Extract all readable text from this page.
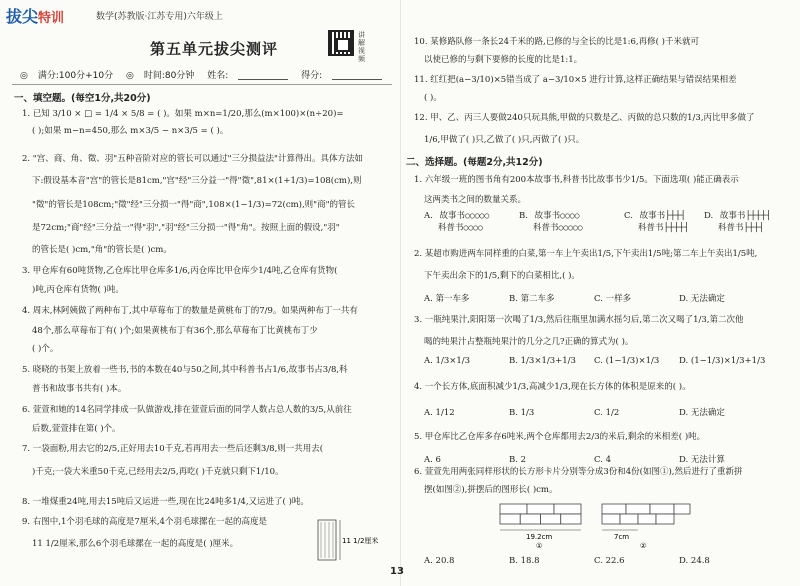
拔尖特训	数学(苏教版·江苏专用)六年级上
第五单元拔尖测评
讲解视频
◎ 满分:100分+10分 ◎ 时间:80分钟 姓名:	得分:
一、填空题。(每空1分,共20分)
1. 已知 3/10 × □ = 1/4 × 5/8 = ( )。如果 m×n=1/20,那么(m×100)×(n÷20)=
( );如果 m−n=450,那么 m×3/5 − n×3/5 = ( )。
2. "宫、商、角、徵、羽"五种音阶对应的管长可以通过"三分损益法"计算得出。具体方法如
下:假设基本音"宫"的管长是81cm,"宫"经"三分益一"得"徵",81×(1+1/3)=108(cm),则
"徵"的管长是108cm;"徵"经"三分损一"得"商",108×(1−1/3)=72(cm),则"商"的管长
是72cm;"商"经"三分益一"得"羽","羽"经"三分损一"得"角"。按照上面的假设,"羽"
的管长是( )cm,"角"的管长是( )cm。
3. 甲仓库有60吨货物,乙仓库比甲仓库多1/6,丙仓库比甲仓库少1/4吨,乙仓库有货物(
)吨,丙仓库有货物( )吨。
4. 周末,林阿姨做了两种布丁,其中草莓布丁的数量是黄桃布丁的7/9。如果两种布丁一共有
48个,那么草莓布丁有( )个;如果黄桃布丁有36个,那么草莓布丁比黄桃布丁少
( )个。
5. 晓晓的书架上放着一些书,书的本数在40与50之间,其中科普书占1/6,故事书占3/8,科
普书和故事书共有( )本。
6. 萱萱和她的14名同学排成一队做游戏,排在萱萱后面的同学人数占总人数的3/5,从前往
后数,萱萱排在第( )个。
7. 一袋面粉,用去它的2/5,正好用去10千克,若再用去一些后还剩3/8,则一共用去(
)千克;一袋大米重50千克,已经用去2/5,再吃( )千克就只剩下1/10。
8. 一堆煤重24吨,用去15吨后又运进一些,现在比24吨多1/4,又运进了( )吨。
9. 右图中,1个羽毛球的高度是7厘米,4个羽毛球摞在一起的高度是
11 1/2厘米,那么6个羽毛球摞在一起的高度是( )厘米。	11 1/2厘米
10. 某修路队修一条长24千米的路,已修的与全长的比是1:6,再修( )千米就可
以使已修的与剩下要修的长度的比是1:1。
11. 红红把(a−3/10)×5错当成了 a−3/10×5 进行计算,这样正确结果与错误结果相差
( )。
12. 甲、乙、丙三人要做240只玩具熊,甲做的只数是乙、丙做的总只数的1/3,丙比甲多做了
1/6,甲做了( )只,乙做了( )只,丙做了( )只。
二、选择题。(每题2分,共12分)
1. 六年级一班的图书角有200本故事书,科普书比故事书少1/5。下面选项( )能正确表示
这两类书之间的数量关系。
A. 故事书○○○○○
科普书○○○○
B. 故事书○○○○
科普书○○○○○
C. 故事书├┼┼┤
科普书├┼┼┼┤
D. 故事书├┼┼┼┤
科普书├┼┼┤
2. 某超市购进两车同样重的白菜,第一车上午卖出1/5,下午卖出1/5吨;第二车上午卖出1/5吨,
下午卖出余下的1/5,剩下的白菜相比,( )。
A. 第一车多	B. 第二车多	C. 一样多	D. 无法确定
3. 一瓶纯果汁,阳阳第一次喝了1/3,然后往瓶里加满水摇匀后,第二次又喝了1/3,第二次他
喝的纯果汁占整瓶纯果汁的几分之几?正确的算式为( )。
A. 1/3×1/3	B. 1/3×1/3+1/3 C. (1−1/3)×1/3 D. (1−1/3)×1/3+1/3
4. 一个长方体,底面积减少1/3,高减少1/3,现在长方体的体积是原来的( )。
A. 1/12	B. 1/3	C. 1/2	D. 无法确定
5. 甲仓库比乙仓库多存6吨米,两个仓库都用去2/3的米后,剩余的米相差( )吨。
A. 6	B. 2	C. 4	D. 无法计算
6. 萱萱先用两张同样形状的长方形卡片分别等分成3份和4份(如图①),然后进行了重新拼
摆(如图②),拼摆后的图形长( )cm。
19.2cm
①
7cm
②
A. 20.8	B. 18.8	C. 22.6	D. 24.8
13
